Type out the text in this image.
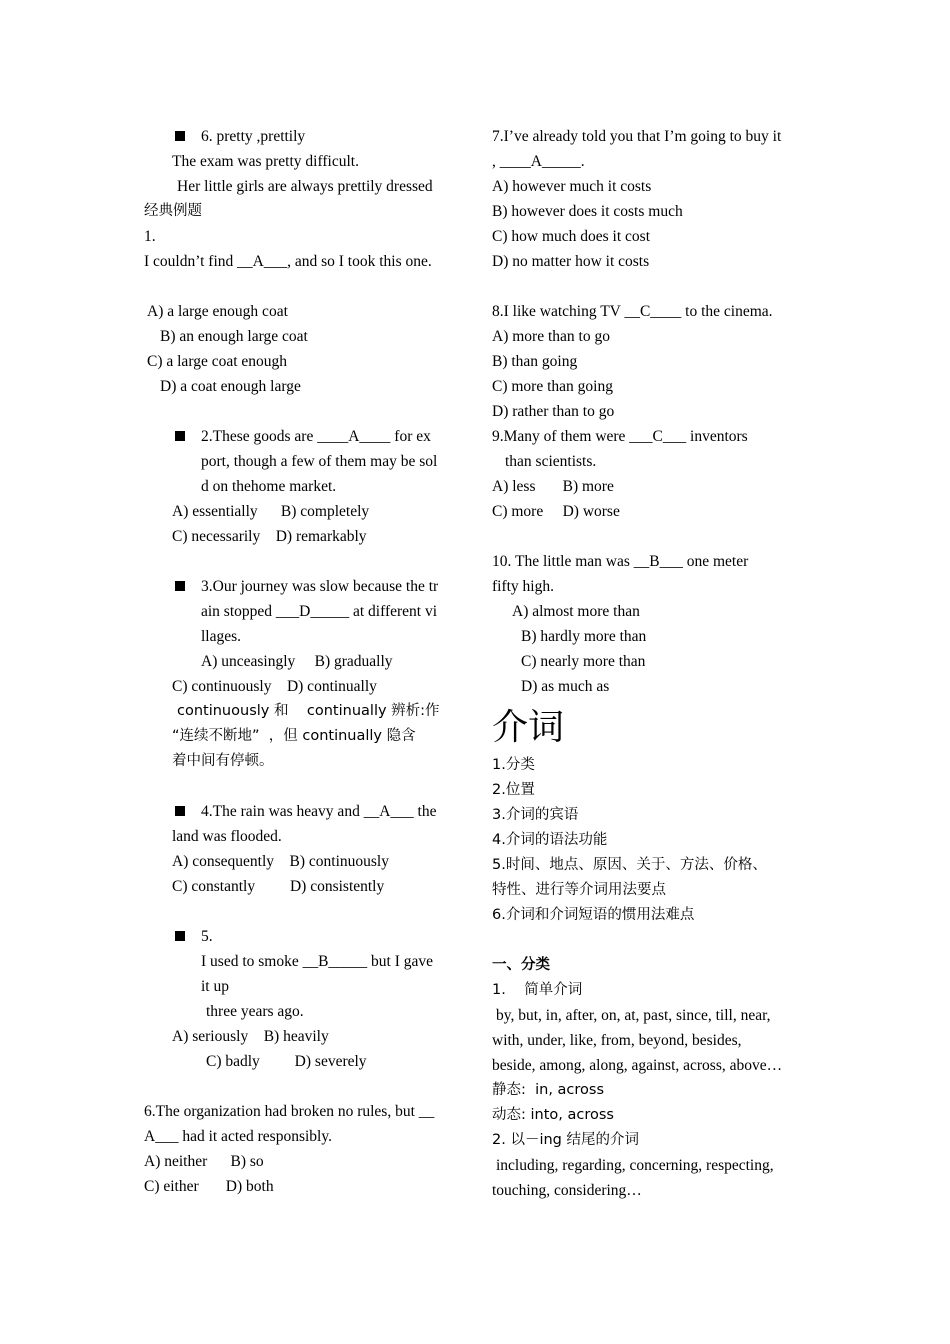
6. pretty ,prettily
The exam was pretty difficult.
Her little girls are always prettily dressed
经典例题
1.
I couldn’t find __A___, and so I took this one.
A) a large enough coat
B) an enough large coat
C) a large coat enough
D) a coat enough large
2.These goods are ____A____ for ex
port, though a few of them may be sol
d on thehome market.
A) essentially      B) completely
C) necessarily    D) remarkably
3.Our journey was slow because the tr
ain stopped ___D_____ at different vi
llages.
A) unceasingly     B) gradually
C) continuously    D) continually
continuously 和    continually 辨析:作
“连续不断地”  ，但 continually 隐含
着中间有停顿。
4.The rain was heavy and __A___ the
land was flooded.
A) consequently    B) continuously
C) constantly         D) consistently
5.
I used to smoke __B_____ but I gave
it up
three years ago.
A) seriously    B) heavily
C) badly         D) severely
6.The organization had broken no rules, but __
A___ had it acted responsibly.
A) neither      B) so
C) either       D) both
7.I’ve already told you that I’m going to buy it
, ____A_____.
A) however much it costs
B) however does it costs much
C) how much does it cost
D) no matter how it costs
8.I like watching TV __C____ to the cinema.
A) more than to go
B) than going
C) more than going
D) rather than to go
9.Many of them were ___C___ inventors
than scientists.
A) less       B) more
C) more     D) worse
10. The little man was __B___ one meter
fifty high.
A) almost more than
B) hardly more than
C) nearly more than
D) as much as
介词
1.分类
2.位置
3.介词的宾语
4.介词的语法功能
5.时间、地点、原因、关于、方法、价格、
特性、进行等介词用法要点
6.介词和介词短语的惯用法难点
一、分类
1.    简单介词
by, but, in, after, on, at, past, since, till, near,
with, under, like, from, beyond, besides,
beside, among, along, against, across, above…
静态:  in, across
动态: into, across
2. 以－ing 结尾的介词
including, regarding, concerning, respecting,
touching, considering…
